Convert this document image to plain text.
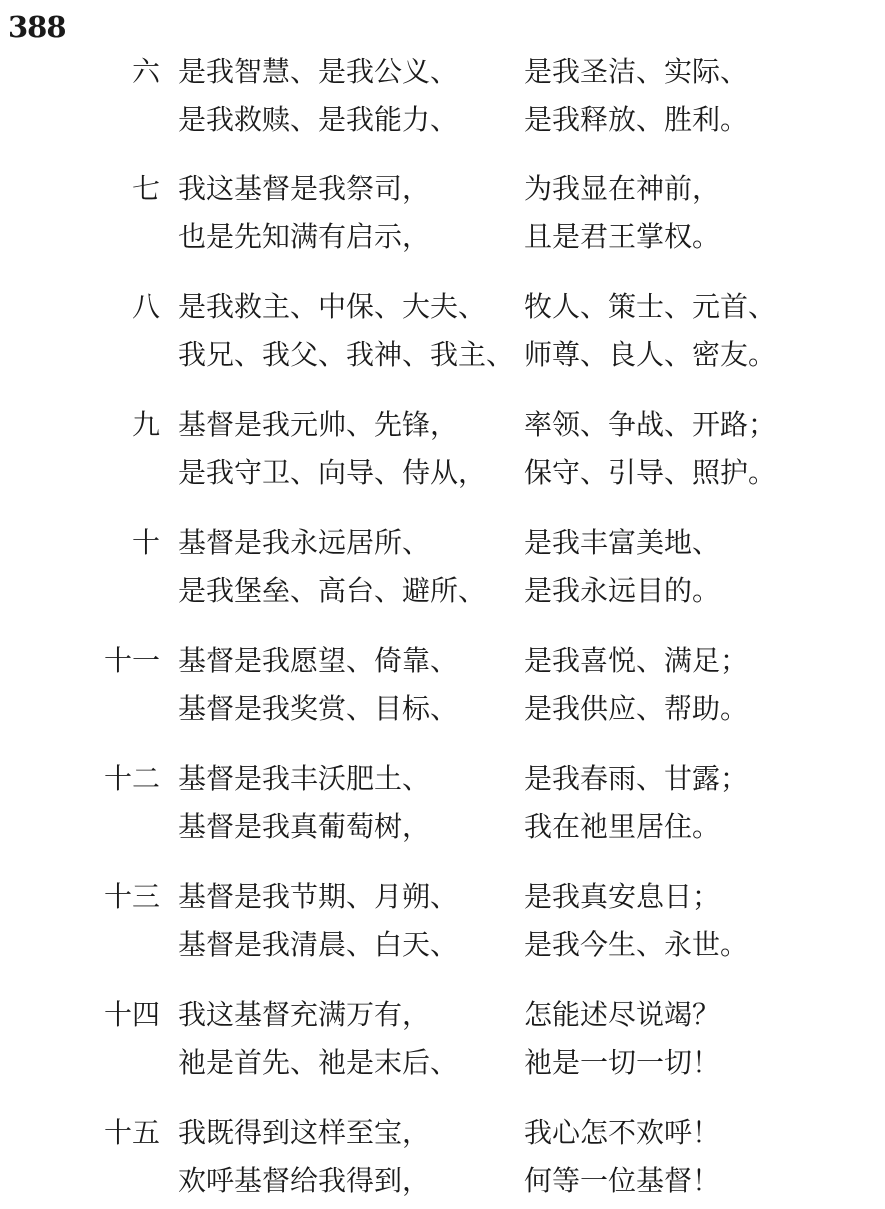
388
六 是我智慧、是我公义、	是我圣洁、实际、
是我救赎、是我能力、	是我释放、胜利。
七 我这基督是我祭司，	为我显在神前，
也是先知满有启示，	且是君王掌权。
八 是我救主、中保、大夫、	牧人、策士、元首、
我兄、我父、我神、我主、 师尊、良人、密友。
九 基督是我元帅、先锋，	率领、争战、开路；
是我守卫、向导、侍从，	保守、引导、照护。
十 基督是我永远居所、	是我丰富美地、
是我堡垒、高台、避所、	是我永远目的。
十一 基督是我愿望、倚靠、	是我喜悦、满足；
基督是我奖赏、目标、	是我供应、帮助。
十二 基督是我丰沃肥土、	是我春雨、甘露；
基督是我真葡萄树，	我在祂里居住。
十三 基督是我节期、月朔、	是我真安息日；
基督是我清晨、白天、	是我今生、永世。
十四 我这基督充满万有，	怎能述尽说竭？
祂是首先、祂是末后、	祂是一切一切！
十五 我既得到这样至宝，	我心怎不欢呼！
欢呼基督给我得到，	何等一位基督！
